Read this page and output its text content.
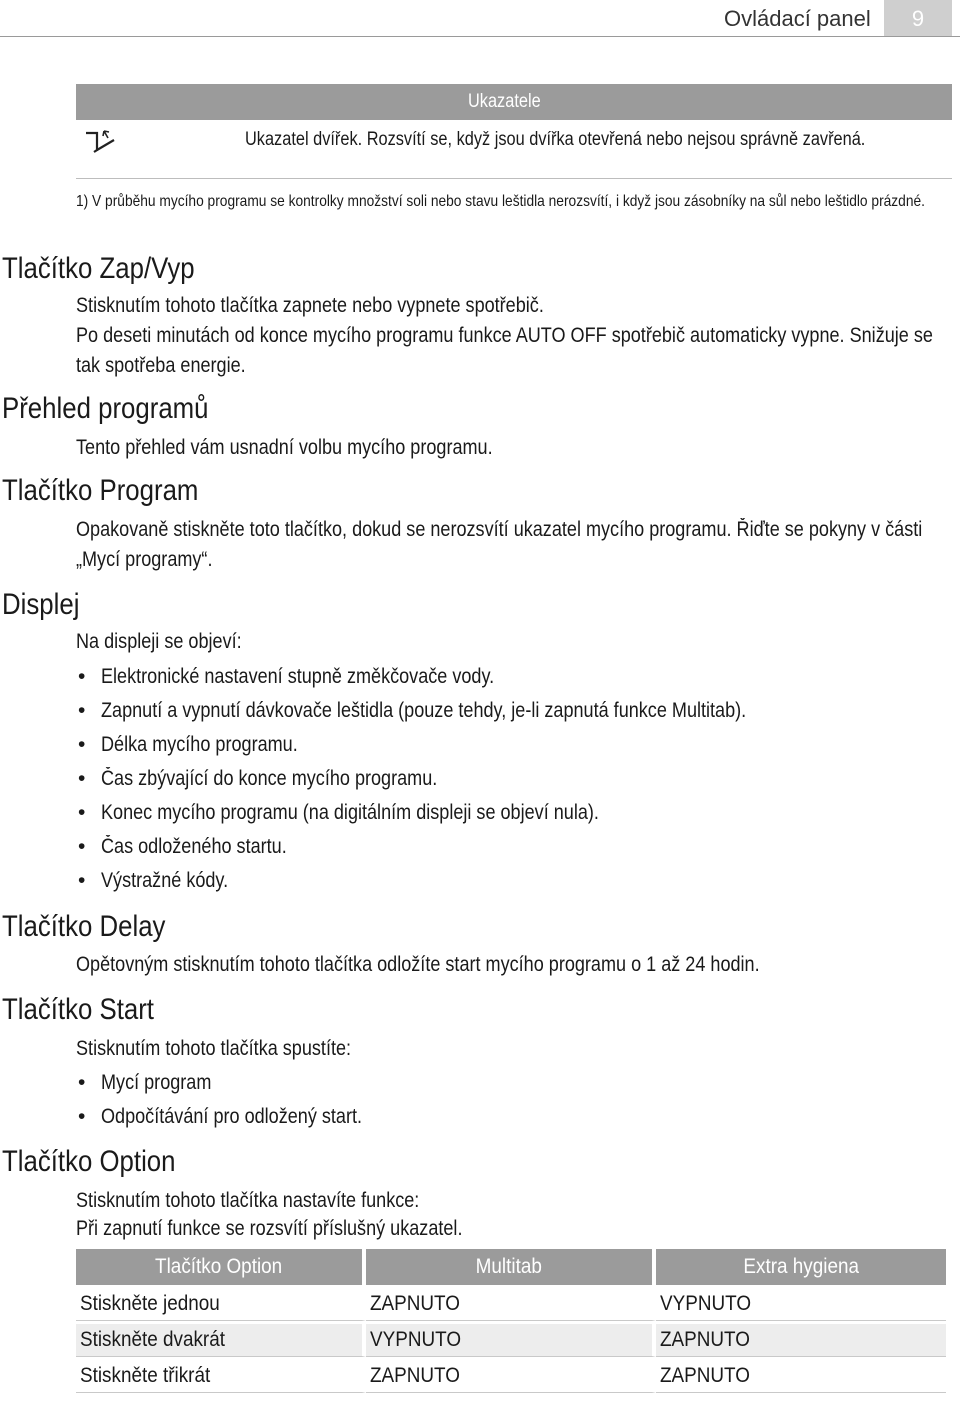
Ovládací panel	9
Ukazatele
Ukazatel dvířek. Rozsvítí se, když jsou dvířka otevřená nebo nejsou správně zavřená.
1) V průběhu mycího programu se kontrolky množství soli nebo stavu leštidla nerozsvítí, i když jsou zásobníky na sůl nebo leštidlo prázdné.
Tlačítko Zap/Vyp

Stisknutím tohoto tlačítka zapnete nebo vypnete spotřebič.

Po deseti minutách od konce mycího programu funkce AUTO OFF spotřebič automaticky vypne. Snižuje se tak spotřeba energie.

Přehled programů

Tento přehled vám usnadní volbu mycího programu.

Tlačítko Program

Opakovaně stiskněte toto tlačítko, dokud se nerozsvítí ukazatel mycího programu. Řiďte se pokyny v části „Mycí programy“.

Displej

Na displeji se objeví:

• Elektronické nastavení stupně změkčovače vody.
• Zapnutí a vypnutí dávkovače leštidla (pouze tehdy, je-li zapnutá funkce Multitab).
• Délka mycího programu.
• Čas zbývající do konce mycího programu.
• Konec mycího programu (na digitálním displeji se objeví nula).
• Čas odloženého startu.
• Výstražné kódy.
Tlačítko Delay

Opětovným stisknutím tohoto tlačítka odložíte start mycího programu o 1 až 24 hodin.

Tlačítko Start

Stisknutím tohoto tlačítka spustíte:

• Mycí program
• Odpočítávání pro odložený start.
Tlačítko Option

Stisknutím tohoto tlačítka nastavíte funkce:

Při zapnutí funkce se rozsvítí příslušný ukazatel.

Tlačítko Option	Multitab	Extra hygiena
Stiskněte jednou	ZAPNUTO	VYPNUTO
Stiskněte dvakrát	VYPNUTO	ZAPNUTO
Stiskněte třikrát	ZAPNUTO	ZAPNUTO
